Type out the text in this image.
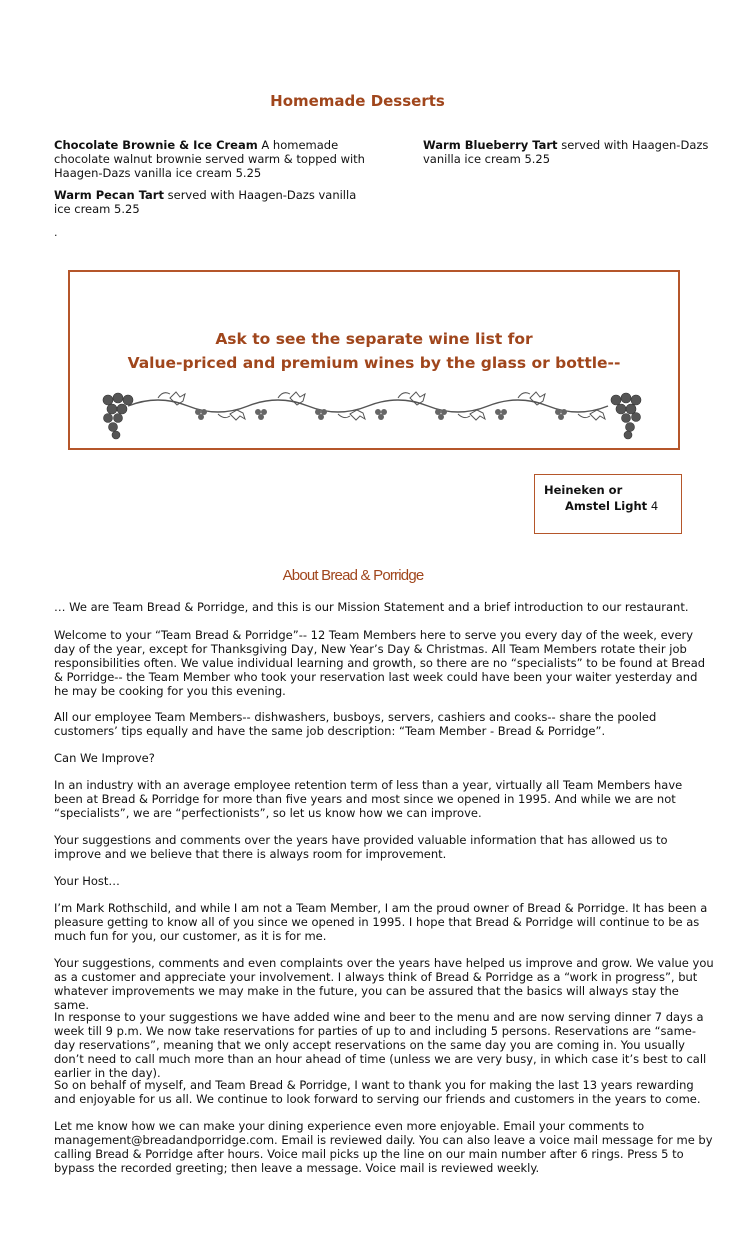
Homemade Desserts
Chocolate Brownie & Ice Cream A homemade chocolate walnut brownie served warm & topped with Haagen-Dazs vanilla ice cream 5.25
Warm Pecan Tart served with Haagen-Dazs vanilla ice cream 5.25
Warm Blueberry Tart served with Haagen-Dazs vanilla ice cream 5.25
.
Ask to see the separate wine list for
Value-priced and premium wines by the glass or bottle--
Heineken or
Amstel Light 4
About Bread & Porridge
… We are Team Bread & Porridge, and this is our Mission Statement and a brief introduction to our restaurant.
Welcome to your “Team Bread & Porridge”-- 12 Team Members here to serve you every day of the week, every day of the year, except for Thanksgiving Day, New Year’s Day & Christmas. All Team Members rotate their job responsibilities often. We value individual learning and growth, so there are no “specialists” to be found at Bread & Porridge-- the Team Member who took your reservation last week could have been your waiter yesterday and he may be cooking for you this evening.
All our employee Team Members-- dishwashers, busboys, servers, cashiers and cooks-- share the pooled customers’ tips equally and have the same job description: “Team Member - Bread & Porridge”.
Can We Improve?
In an industry with an average employee retention term of less than a year, virtually all Team Members have been at Bread & Porridge for more than five years and most since we opened in 1995. And while we are not “specialists”, we are “perfectionists”, so let us know how we can improve.
Your suggestions and comments over the years have provided valuable information that has allowed us to improve and we believe that there is always room for improvement.
Your Host…
I’m Mark Rothschild, and while I am not a Team Member, I am the proud owner of Bread & Porridge. It has been a pleasure getting to know all of you since we opened in 1995. I hope that Bread & Porridge will continue to be as much fun for you, our customer, as it is for me.
Your suggestions, comments and even complaints over the years have helped us improve and grow. We value you as a customer and appreciate your involvement. I always think of Bread & Porridge as a “work in progress”, but whatever improvements we may make in the future, you can be assured that the basics will always stay the same.
In response to your suggestions we have added wine and beer to the menu and are now serving dinner 7 days a week till 9 p.m. We now take reservations for parties of up to and including 5 persons. Reservations are “same-day reservations”, meaning that we only accept reservations on the same day you are coming in. You usually don’t need to call much more than an hour ahead of time (unless we are very busy, in which case it’s best to call earlier in the day).
So on behalf of myself, and Team Bread & Porridge, I want to thank you for making the last 13 years rewarding and enjoyable for us all. We continue to look forward to serving our friends and customers in the years to come.
Let me know how we can make your dining experience even more enjoyable. Email your comments to management@breadandporridge.com. Email is reviewed daily. You can also leave a voice mail message for me by calling Bread & Porridge after hours. Voice mail picks up the line on our main number after 6 rings. Press 5 to bypass the recorded greeting; then leave a message. Voice mail is reviewed weekly.
